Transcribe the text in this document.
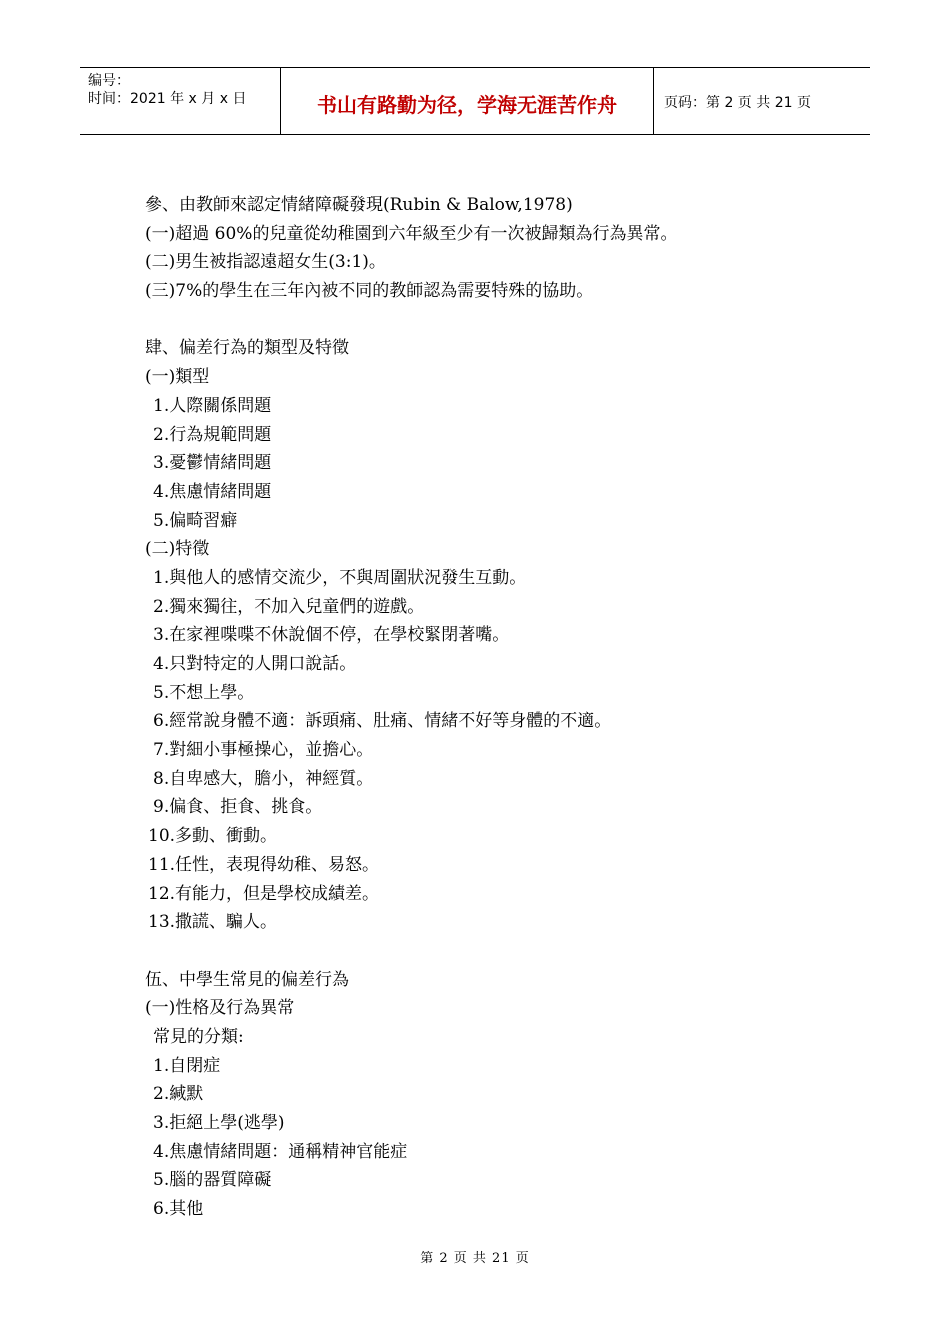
编号：
时间：2021 年 x 月 x 日	书山有路勤为径，学海无涯苦作舟	页码：第 2 页 共 21 页
參、由教師來認定情緒障礙發現(Rubin & Balow,1978)
(一)超過 60%的兒童從幼稚園到六年級至少有一次被歸類為行為異常。
(二)男生被指認遠超女生(3:1)。
(三)7%的學生在三年內被不同的教師認為需要特殊的協助。
肆、偏差行為的類型及特徵
(一)類型
1.人際關係問題
2.行為規範問題
3.憂鬱情緒問題
4.焦慮情緒問題
5.偏畸習癖
(二)特徵
1.與他人的感情交流少，不與周圍狀況發生互動。
2.獨來獨往，不加入兒童們的遊戲。
3.在家裡喋喋不休說個不停，在學校緊閉著嘴。
4.只對特定的人開口說話。
5.不想上學。
6.經常說身體不適：訴頭痛、肚痛、情緒不好等身體的不適。
7.對細小事極操心，並擔心。
8.自卑感大，膽小，神經質。
9.偏食、拒食、挑食。
10.多動、衝動。
11.任性，表現得幼稚、易怒。
12.有能力，但是學校成績差。
13.撒謊、騙人。
伍、中學生常見的偏差行為
(一)性格及行為異常
常見的分類:
1.自閉症
2.緘默
3.拒絕上學(逃學)
4.焦慮情緒問題：通稱精神官能症
5.腦的器質障礙
6.其他
第 2 页 共 21 页
